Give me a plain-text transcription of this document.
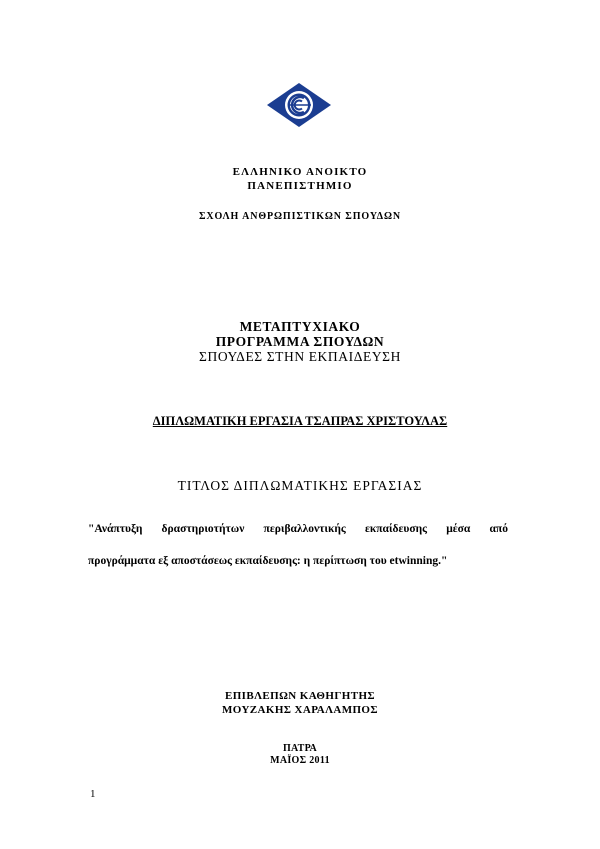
ΕΛΛΗΝΙΚΟ ΑΝΟΙΚΤΟ
ΠΑΝΕΠΙΣΤΗΜΙΟ
ΣΧΟΛΗ ΑΝΘΡΩΠΙΣΤΙΚΩΝ ΣΠΟΥΔΩΝ
ΜΕΤΑΠΤΥΧΙΑΚΟ
ΠΡΟΓΡΑΜΜΑ ΣΠΟΥΔΩΝ
ΣΠΟΥΔΕΣ ΣΤΗΝ ΕΚΠΑΙΔΕΥΣΗ
ΔΙΠΛΩΜΑΤΙΚΗ ΕΡΓΑΣΙΑ ΤΣΑΠΡΑΣ ΧΡΙΣΤΟΥΛΑΣ
ΤΙΤΛΟΣ ΔΙΠΛΩΜΑΤΙΚΗΣ ΕΡΓΑΣΙΑΣ
"Ανάπτυξη δραστηριοτήτων περιβαλλοντικής εκπαίδευσης μέσα από
προγράμματα εξ αποστάσεως εκπαίδευσης: η περίπτωση του etwinning."
ΕΠΙΒΛΕΠΩΝ ΚΑΘΗΓΗΤΗΣ
ΜΟΥΖΑΚΗΣ ΧΑΡΑΛΑΜΠΟΣ
ΠΑΤΡΑ
ΜΑΪΟΣ 2011
1
